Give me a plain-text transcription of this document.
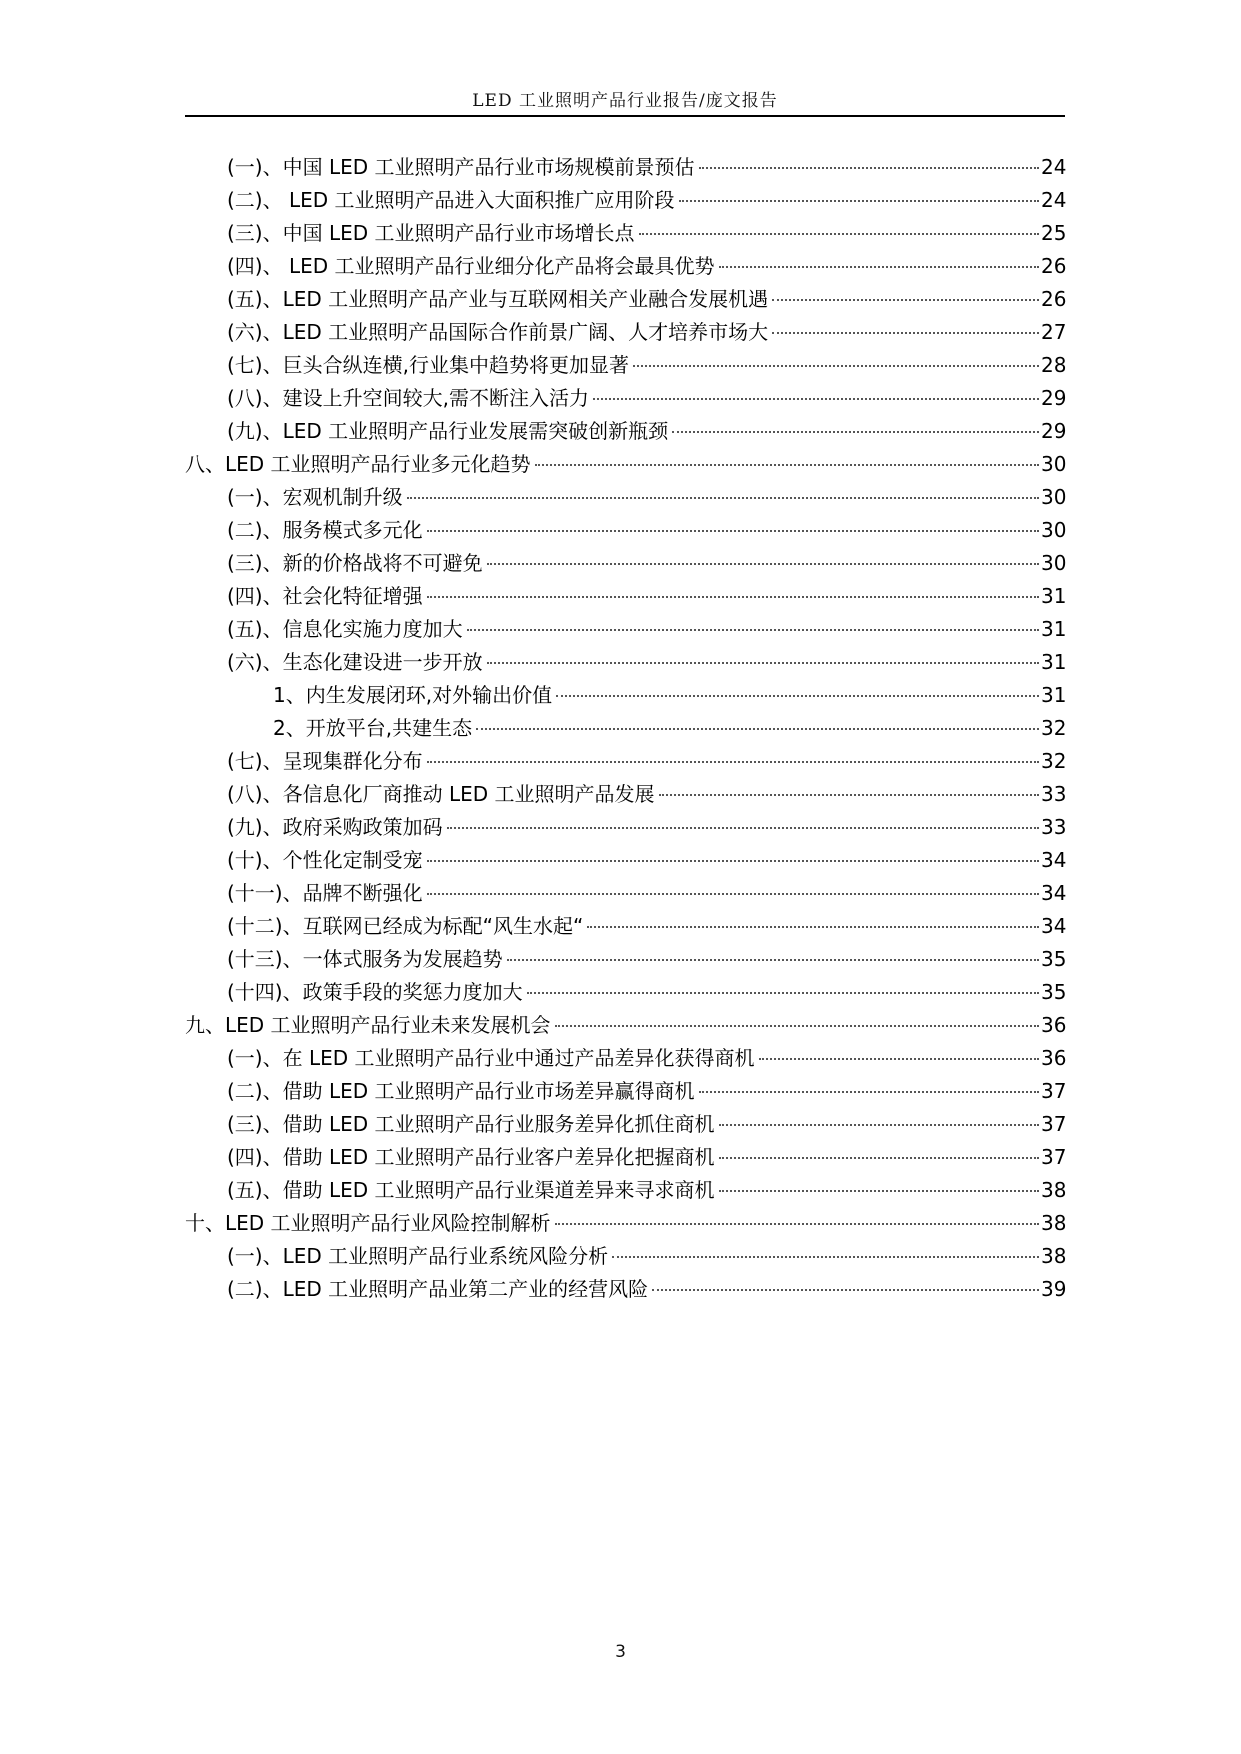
LED 工业照明产品行业报告/庞文报告
(一)、中国 LED 工业照明产品行业市场规模前景预估	24
(二)、 LED 工业照明产品进入大面积推广应用阶段	24
(三)、中国 LED 工业照明产品行业市场增长点	25
(四)、 LED 工业照明产品行业细分化产品将会最具优势	26
(五)、LED 工业照明产品产业与互联网相关产业融合发展机遇	26
(六)、LED 工业照明产品国际合作前景广阔、人才培养市场大	27
(七)、巨头合纵连横,行业集中趋势将更加显著	28
(八)、建设上升空间较大,需不断注入活力	29
(九)、LED 工业照明产品行业发展需突破创新瓶颈	29
八、LED 工业照明产品行业多元化趋势	30
(一)、宏观机制升级	30
(二)、服务模式多元化	30
(三)、新的价格战将不可避免	30
(四)、社会化特征增强	31
(五)、信息化实施力度加大	31
(六)、生态化建设进一步开放	31
1、内生发展闭环,对外输出价值	31
2、开放平台,共建生态	32
(七)、呈现集群化分布	32
(八)、各信息化厂商推动 LED 工业照明产品发展	33
(九)、政府采购政策加码	33
(十)、个性化定制受宠	34
(十一)、品牌不断强化	34
(十二)、互联网已经成为标配“风生水起“	34
(十三)、一体式服务为发展趋势	35
(十四)、政策手段的奖惩力度加大	35
九、LED 工业照明产品行业未来发展机会	36
(一)、在 LED 工业照明产品行业中通过产品差异化获得商机	36
(二)、借助 LED 工业照明产品行业市场差异赢得商机	37
(三)、借助 LED 工业照明产品行业服务差异化抓住商机	37
(四)、借助 LED 工业照明产品行业客户差异化把握商机	37
(五)、借助 LED 工业照明产品行业渠道差异来寻求商机	38
十、LED 工业照明产品行业风险控制解析	38
(一)、LED 工业照明产品行业系统风险分析	38
(二)、LED 工业照明产品业第二产业的经营风险	39
3
